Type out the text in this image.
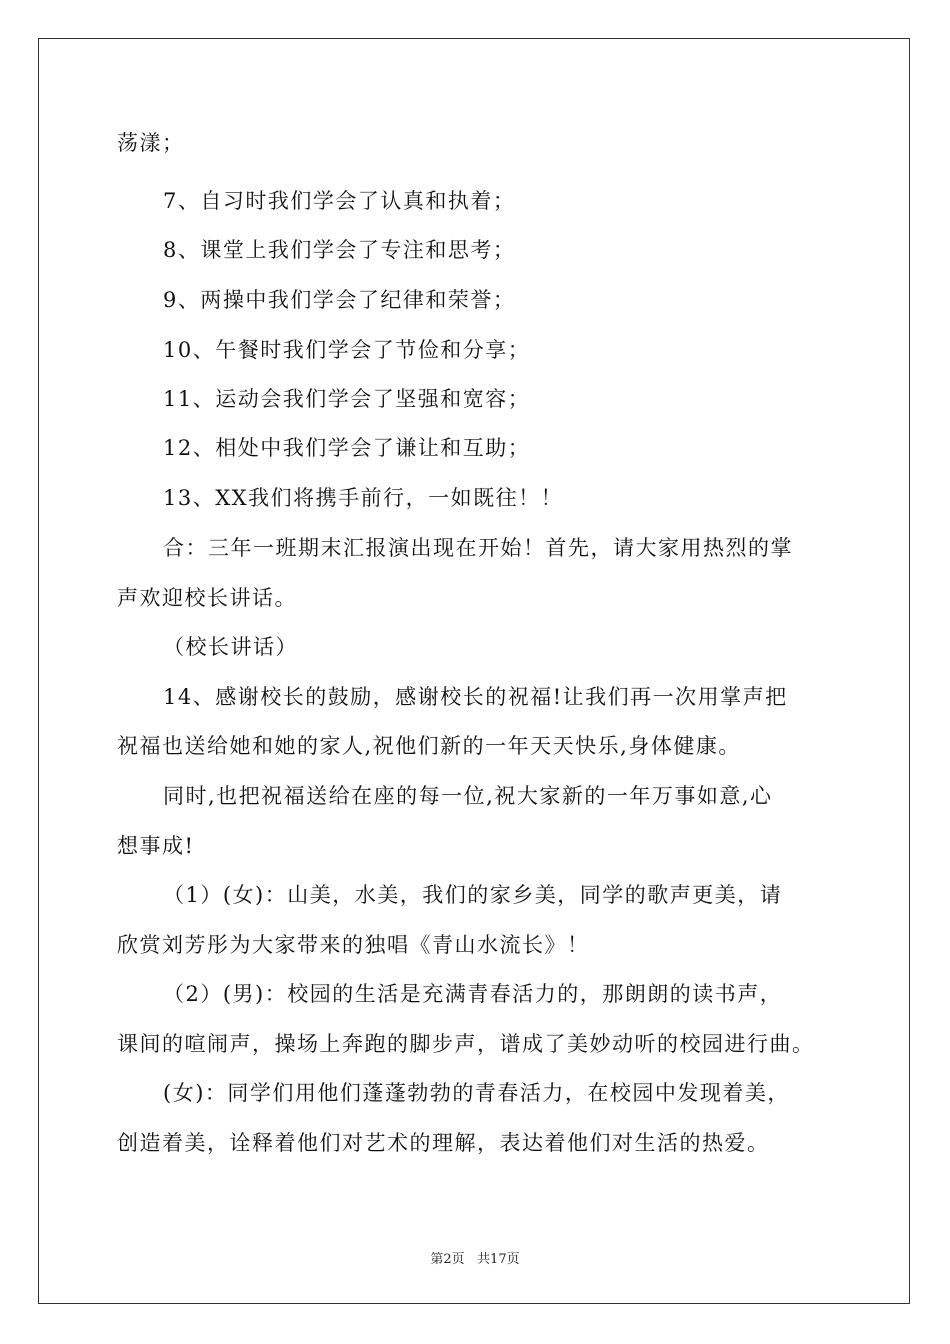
荡漾；
7、自习时我们学会了认真和执着；
8、课堂上我们学会了专注和思考；
9、两操中我们学会了纪律和荣誉；
10、午餐时我们学会了节俭和分享；
11、运动会我们学会了坚强和宽容；
12、相处中我们学会了谦让和互助；
13、XX我们将携手前行，一如既往！！
合：三年一班期末汇报演出现在开始！首先，请大家用热烈的掌
声欢迎校长讲话。
（校长讲话）
14、感谢校长的鼓励，感谢校长的祝福!让我们再一次用掌声把
祝福也送给她和她的家人,祝他们新的一年天天快乐,身体健康。
同时,也把祝福送给在座的每一位,祝大家新的一年万事如意,心
想事成!
（1）(女)：山美，水美，我们的家乡美，同学的歌声更美，请
欣赏刘芳彤为大家带来的独唱《青山水流长》！
（2）(男)：校园的生活是充满青春活力的，那朗朗的读书声，
课间的喧闹声，操场上奔跑的脚步声，谱成了美妙动听的校园进行曲。
(女)：同学们用他们蓬蓬勃勃的青春活力，在校园中发现着美，
创造着美，诠释着他们对艺术的理解，表达着他们对生活的热爱。
第2页   共17页
